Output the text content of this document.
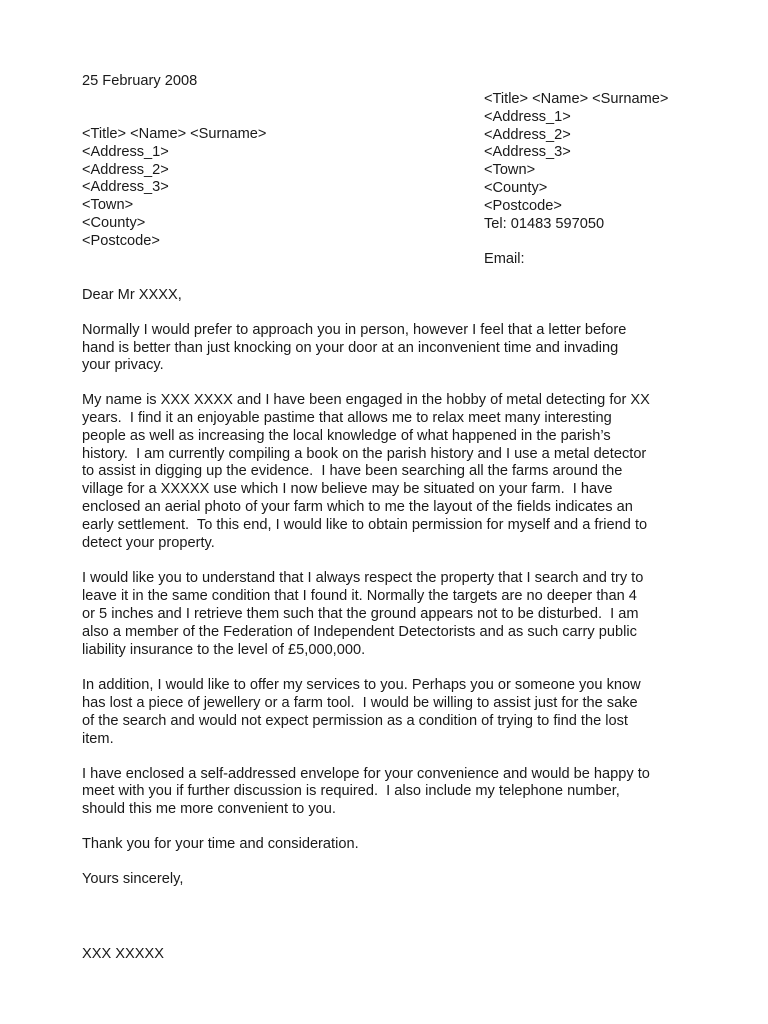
25 February 2008
<Title> <Name> <Surname>
<Address_1>
<Address_2>
<Address_3>
<Town>
<County>
<Postcode>
Tel: 01483 597050
Email:
<Title> <Name> <Surname>
<Address_1>
<Address_2>
<Address_3>
<Town>
<County>
<Postcode>
Dear Mr XXXX,
Normally I would prefer to approach you in person, however I feel that a letter before
hand is better than just knocking on your door at an inconvenient time and invading
your privacy.
My name is XXX XXXX and I have been engaged in the hobby of metal detecting for XX
years.  I find it an enjoyable pastime that allows me to relax meet many interesting
people as well as increasing the local knowledge of what happened in the parish’s
history.  I am currently compiling a book on the parish history and I use a metal detector
to assist in digging up the evidence.  I have been searching all the farms around the
village for a XXXXX use which I now believe may be situated on your farm.  I have
enclosed an aerial photo of your farm which to me the layout of the fields indicates an
early settlement.  To this end, I would like to obtain permission for myself and a friend to
detect your property.
I would like you to understand that I always respect the property that I search and try to
leave it in the same condition that I found it. Normally the targets are no deeper than 4
or 5 inches and I retrieve them such that the ground appears not to be disturbed.  I am
also a member of the Federation of Independent Detectorists and as such carry public
liability insurance to the level of £5,000,000.
In addition, I would like to offer my services to you. Perhaps you or someone you know
has lost a piece of jewellery or a farm tool.  I would be willing to assist just for the sake
of the search and would not expect permission as a condition of trying to find the lost
item.
I have enclosed a self-addressed envelope for your convenience and would be happy to
meet with you if further discussion is required.  I also include my telephone number,
should this me more convenient to you.
Thank you for your time and consideration.
Yours sincerely,
XXX XXXXX
